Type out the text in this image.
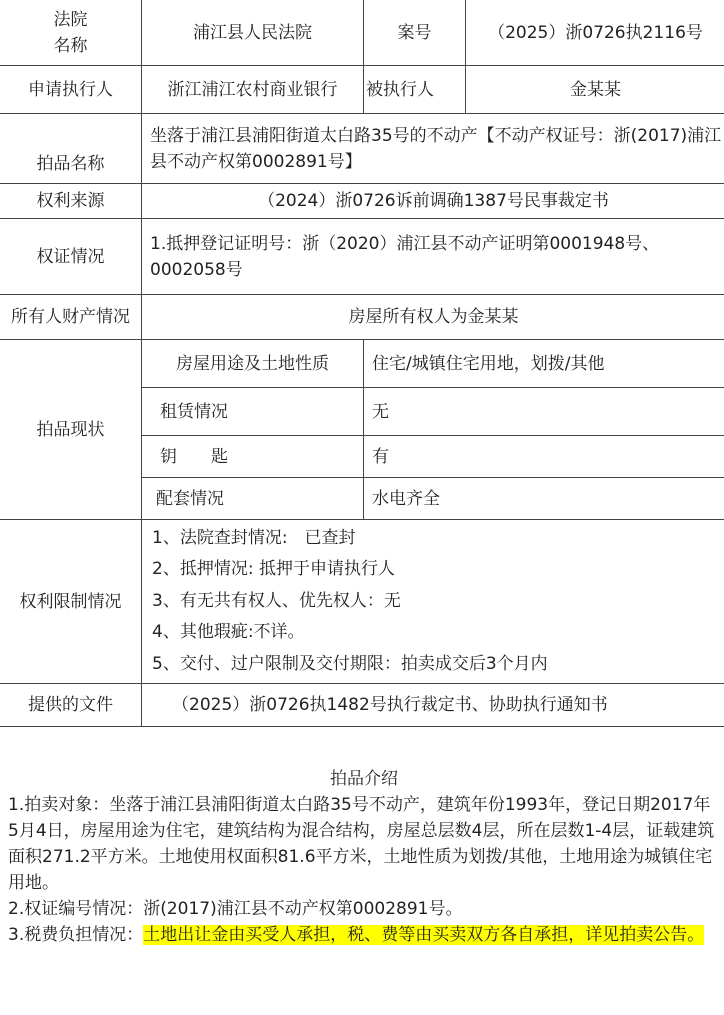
法院
名称	浦江县人民法院	案号	（2025）浙0726执2116号
申请执行人	浙江浦江农村商业银行	被执行人	金某某
拍品名称	坐落于浦江县浦阳街道太白路35号的不动产【不动产权证号：浙(2017)浦江县不动产权第0002891号】		
权利来源	（2024）浙0726诉前调确1387号民事裁定书		
权证情况	1.抵押登记证明号：浙（2020）浦江县不动产证明第0001948号、0002058号		
所有人财产情况	房屋所有权人为金某某		
拍品现状	房屋用途及土地性质	住宅/城镇住宅用地，划拨/其他	
	租赁情况	无	
	钥　　匙	有	
	配套情况	水电齐全	
权利限制情况	1、法院查封情况:　已查封
2、抵押情况: 抵押于申请执行人
3、有无共有权人、优先权人：无
4、其他瑕疵:不详。
5、交付、过户限制及交付期限：拍卖成交后3个月内		

提供的文件	（2025）浙0726执1482号执行裁定书、协助执行通知书		
拍品介绍

1.拍卖对象：坐落于浦江县浦阳街道太白路35号不动产，建筑年份1993年，登记日期2017年5月4日，房屋用途为住宅，建筑结构为混合结构，房屋总层数4层，所在层数1-4层，证载建筑面积271.2平方米。土地使用权面积81.6平方米，土地性质为划拨/其他，土地用途为城镇住宅用地。

2.权证编号情况：浙(2017)浦江县不动产权第0002891号。

3.税费负担情况：土地出让金由买受人承担，税、费等由买卖双方各自承担，详见拍卖公告。
